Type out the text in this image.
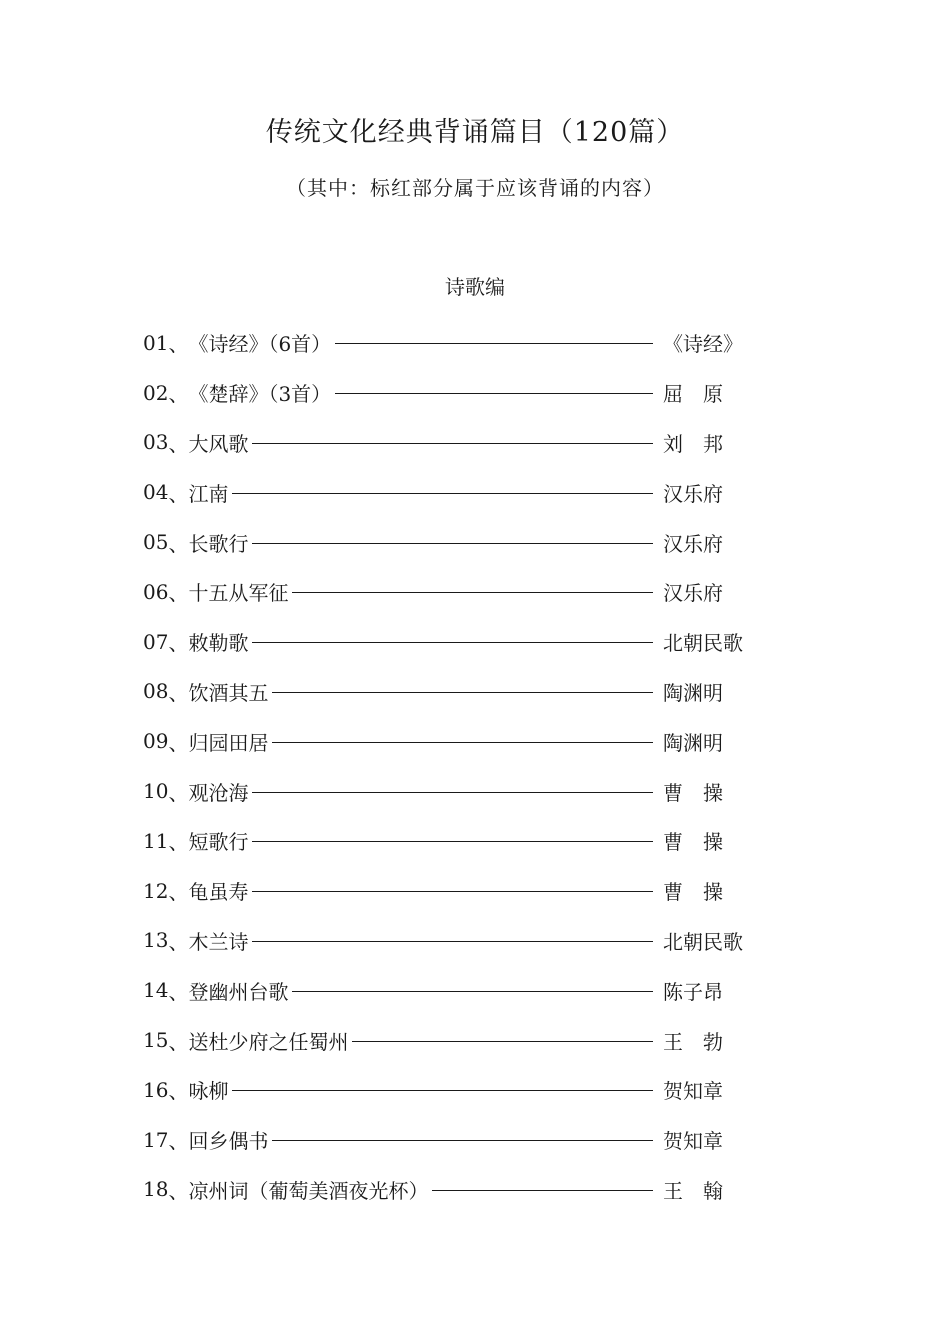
传统文化经典背诵篇目（120篇）
（其中：标红部分属于应该背诵的内容）
诗歌编
01 、 《诗经》（6首）	《诗经》
02 、 《楚辞》（3首）	屈　原
03 、 大风歌	刘　邦
04 、 江南	汉乐府
05 、 长歌行	汉乐府
06 、 十五从军征	汉乐府
07 、 敕勒歌	北朝民歌
08 、 饮酒其五	陶渊明
09 、 归园田居	陶渊明
10 、 观沧海	曹　操
11 、 短歌行	曹　操
12 、 龟虽寿	曹　操
13 、 木兰诗	北朝民歌
14 、 登幽州台歌	陈子昂
15 、 送杜少府之任蜀州	王　勃
16 、 咏柳	贺知章
17 、 回乡偶书	贺知章
18 、 凉州词（葡萄美酒夜光杯）	王　翰
